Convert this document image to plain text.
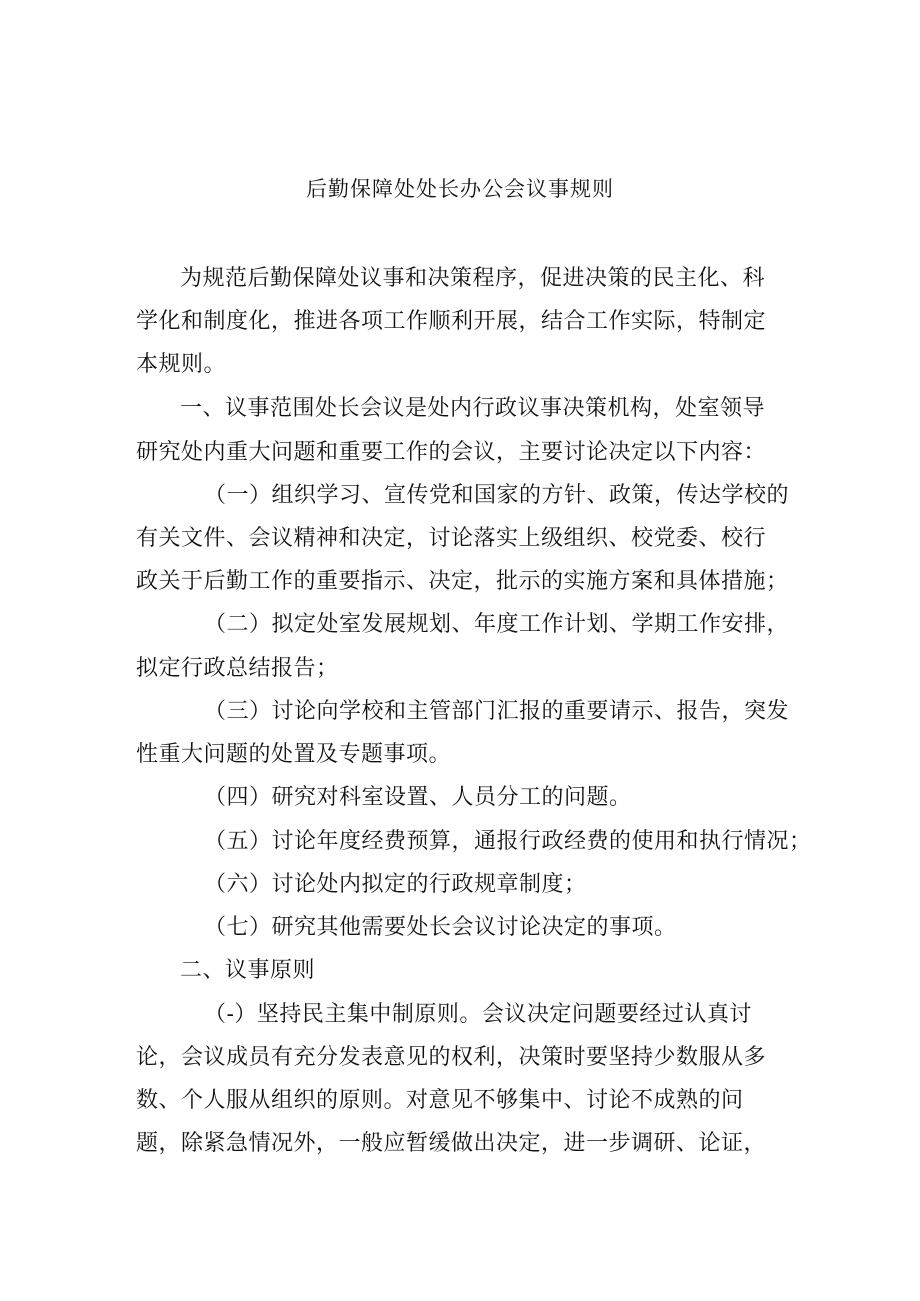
后勤保障处处长办公会议事规则
为规范后勤保障处议事和决策程序，促进决策的民主化、科
学化和制度化，推进各项工作顺利开展，结合工作实际，特制定
本规则。
一、议事范围处长会议是处内行政议事决策机构，处室领导
研究处内重大问题和重要工作的会议，主要讨论决定以下内容：
（一）组织学习、宣传党和国家的方针、政策，传达学校的
有关文件、会议精神和决定，讨论落实上级组织、校党委、校行
政关于后勤工作的重要指示、决定，批示的实施方案和具体措施；
（二）拟定处室发展规划、年度工作计划、学期工作安排，
拟定行政总结报告；
（三）讨论向学校和主管部门汇报的重要请示、报告，突发
性重大问题的处置及专题事项。
（四）研究对科室设置、人员分工的问题。
（五）讨论年度经费预算，通报行政经费的使用和执行情况；
（六）讨论处内拟定的行政规章制度；
（七）研究其他需要处长会议讨论决定的事项。
二、议事原则
（-）坚持民主集中制原则。会议决定问题要经过认真讨
论，会议成员有充分发表意见的权利，决策时要坚持少数服从多
数、个人服从组织的原则。对意见不够集中、讨论不成熟的问
题，除紧急情况外，一般应暂缓做出决定，进一步调研、论证，
